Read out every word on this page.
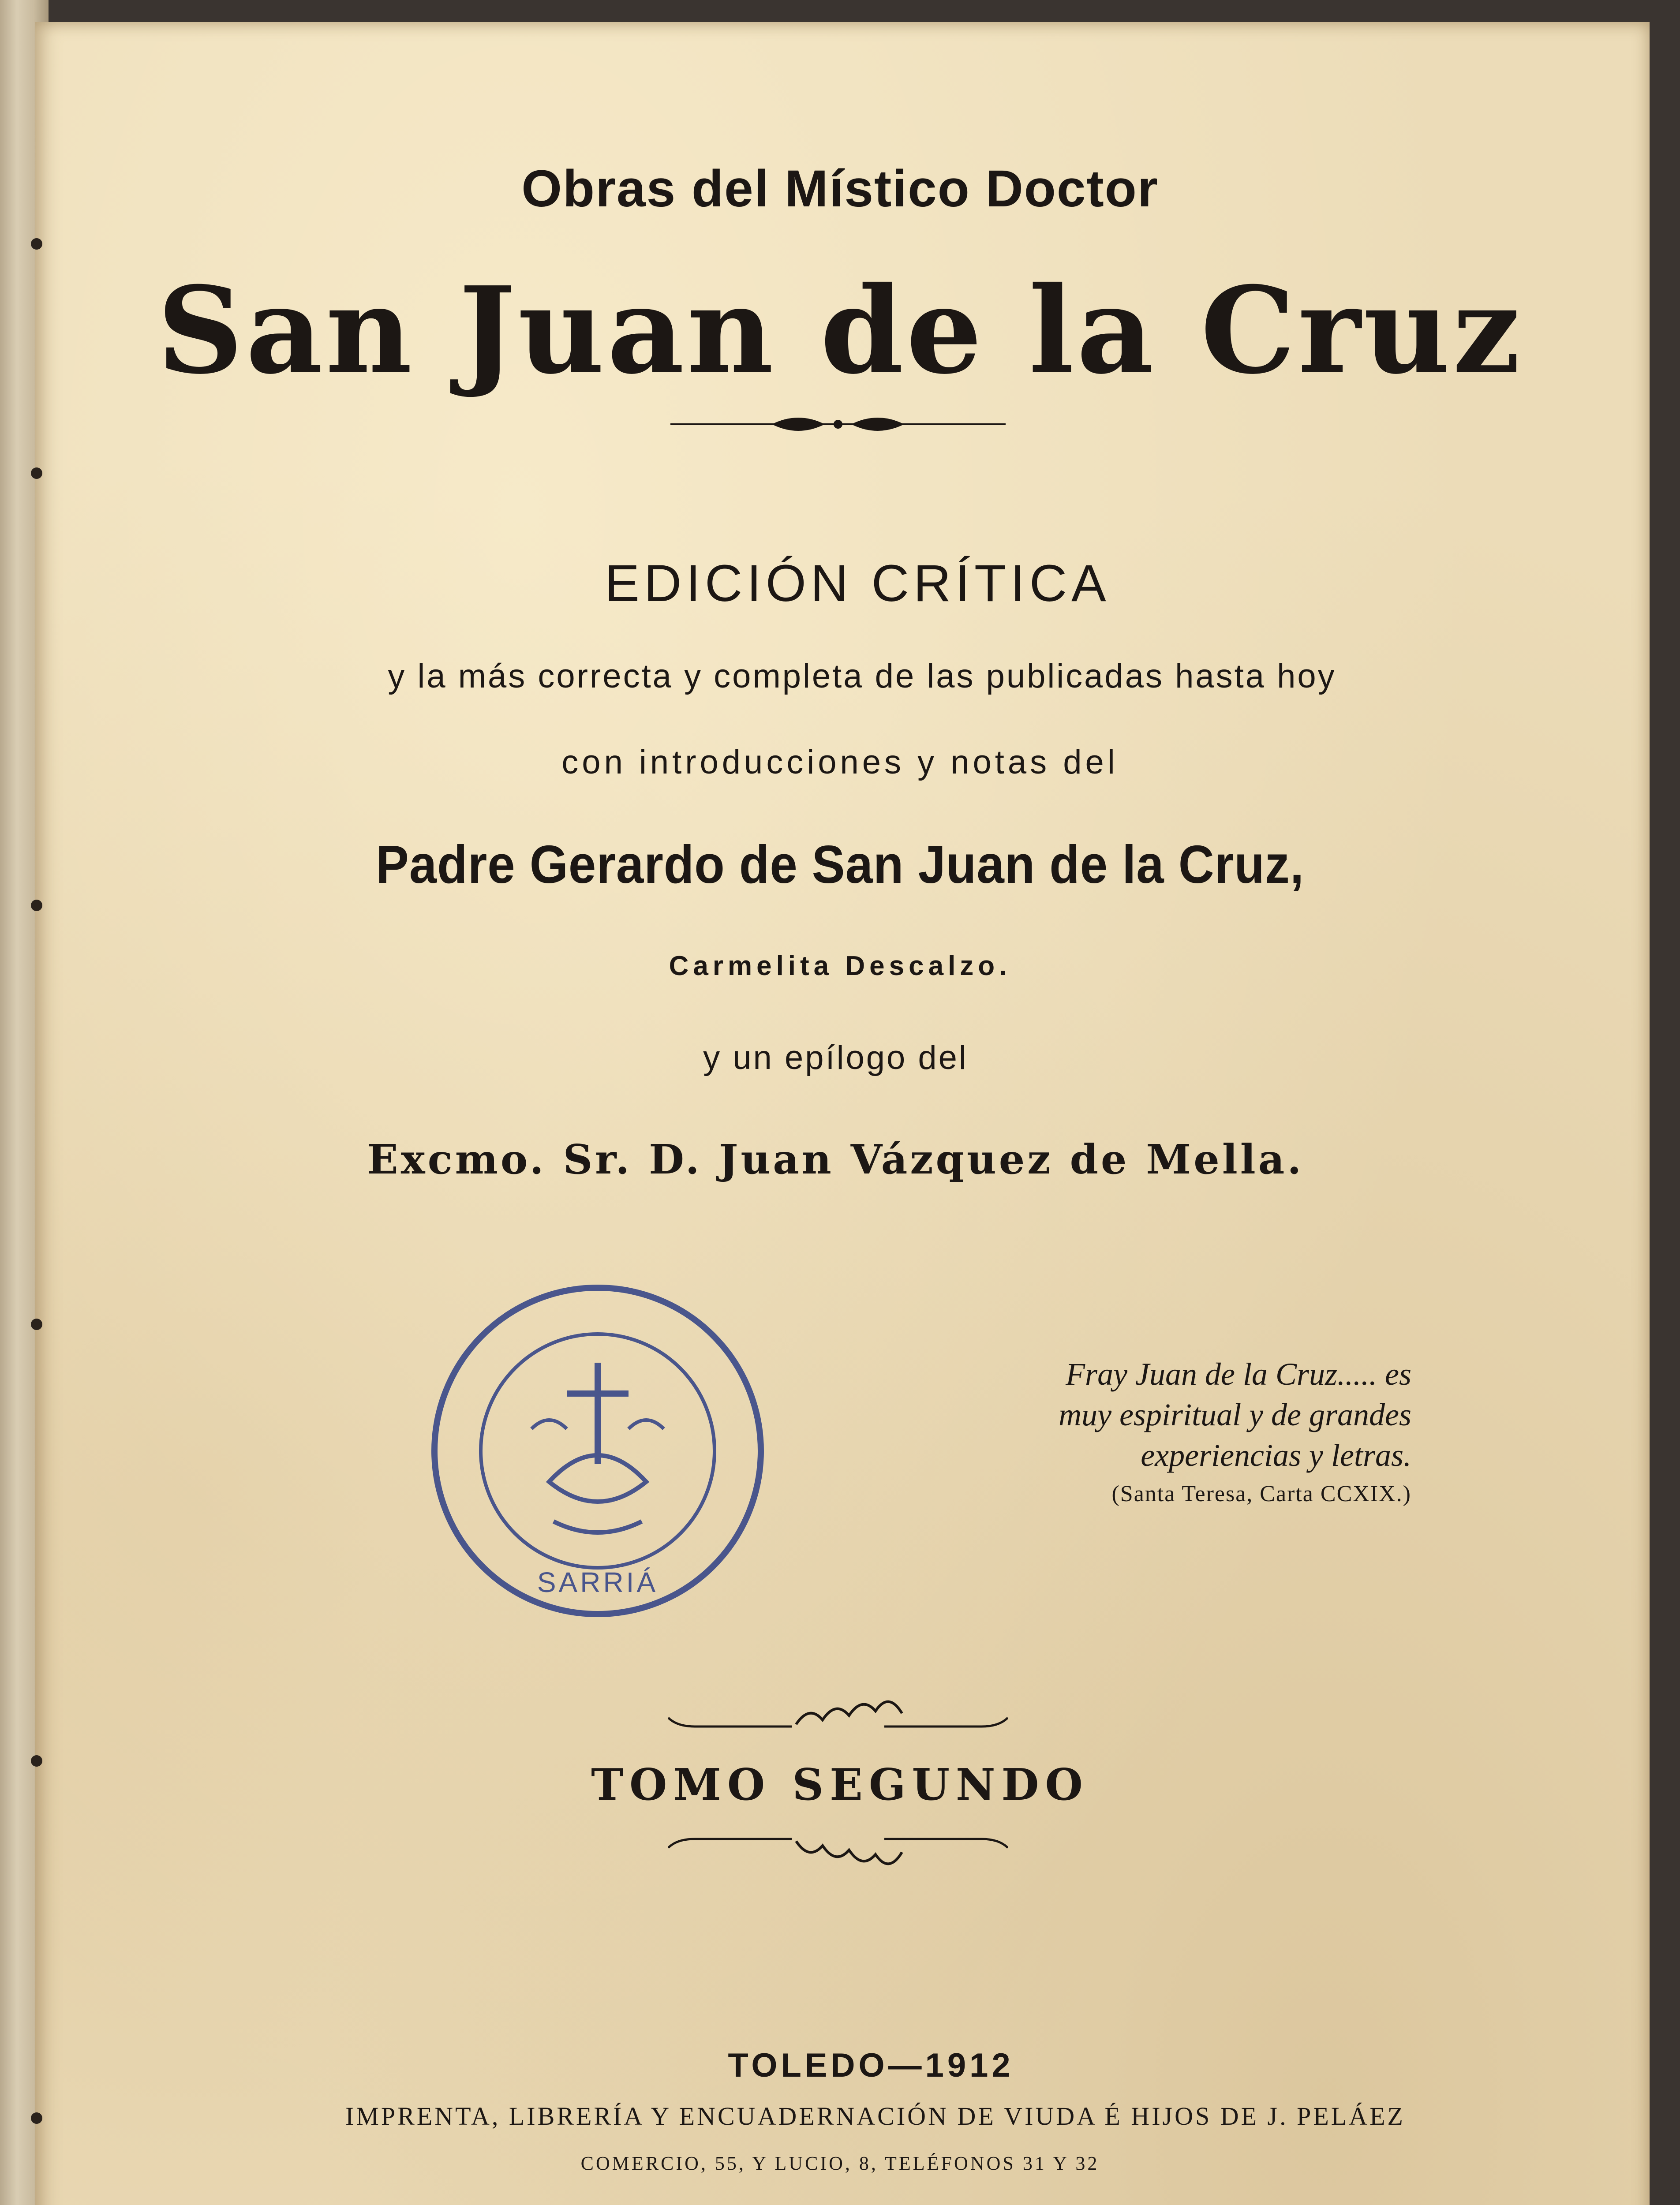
Obras del Místico Doctor
San Juan de la Cruz
EDICIÓN CRÍTICA
y la más correcta y completa de las publicadas hasta hoy
con introducciones y notas del
Padre Gerardo de San Juan de la Cruz,
Carmelita Descalzo.
y un epílogo del
Excmo. Sr. D. Juan Vázquez de Mella.
SARRIÁ
Fray Juan de la Cruz..... es
muy espiritual y de grandes
experiencias y letras.
(Santa Teresa, Carta CCXIX.)
TOMO SEGUNDO
TOLEDO—1912
IMPRENTA, LIBRERÍA Y ENCUADERNACIÓN DE VIUDA É HIJOS DE J. PELÁEZ
COMERCIO, 55, Y LUCIO, 8, TELÉFONOS 31 Y 32
